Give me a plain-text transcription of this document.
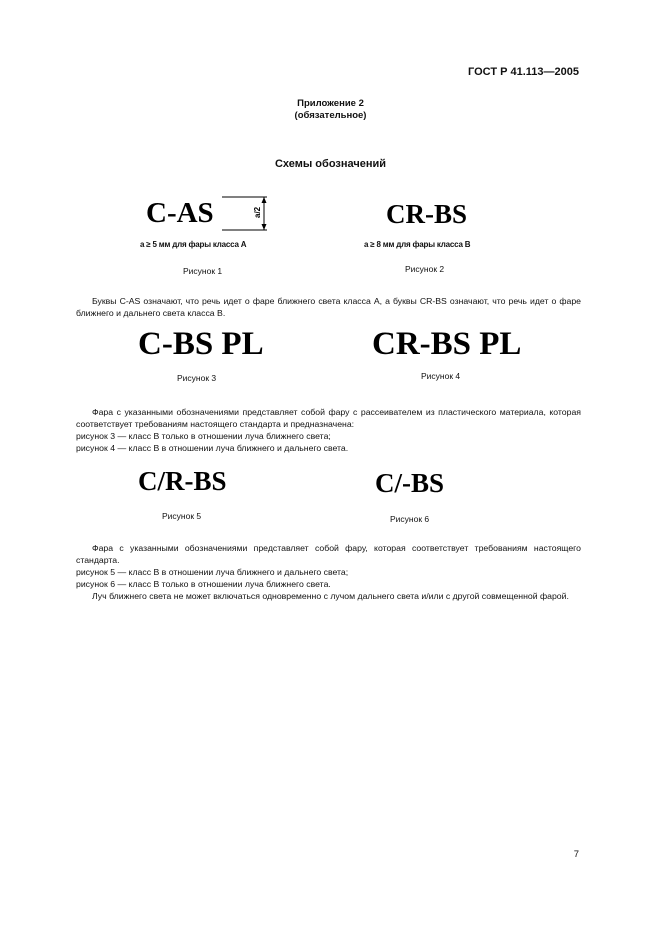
ГОСТ Р 41.113—2005
Приложение 2
(обязательное)
Схемы обозначений
C-AS	a/2
a ≥ 5 мм для фары класса А
Рисунок 1
CR-BS
a ≥ 8 мм для фары класса В
Рисунок 2

Буквы C-AS означают, что речь идет о фаре ближнего света класса А, а буквы CR-BS означают, что речь идет о фаре ближнего и дальнего света класса В.

C-BS PL
Рисунок 3
CR-BS PL
Рисунок 4

Фара с указанными обозначениями представляет собой фару с рассеивателем из пластического материала, которая соответствует требованиям настоящего стандарта и предназначена:

рисунок 3 — класс В только в отношении луча ближнего света;

рисунок 4 — класс В в отношении луча ближнего и дальнего света.

C/R-BS
Рисунок 5
C/-BS
Рисунок 6

Фара с указанными обозначениями представляет собой фару, которая соответствует требованиям настоящего стандарта.

рисунок 5 — класс В в отношении луча ближнего и дальнего света;

рисунок 6 — класс В только в отношении луча ближнего света.

Луч ближнего света не может включаться одновременно с лучом дальнего света и/или с другой совмещенной фарой.

7
